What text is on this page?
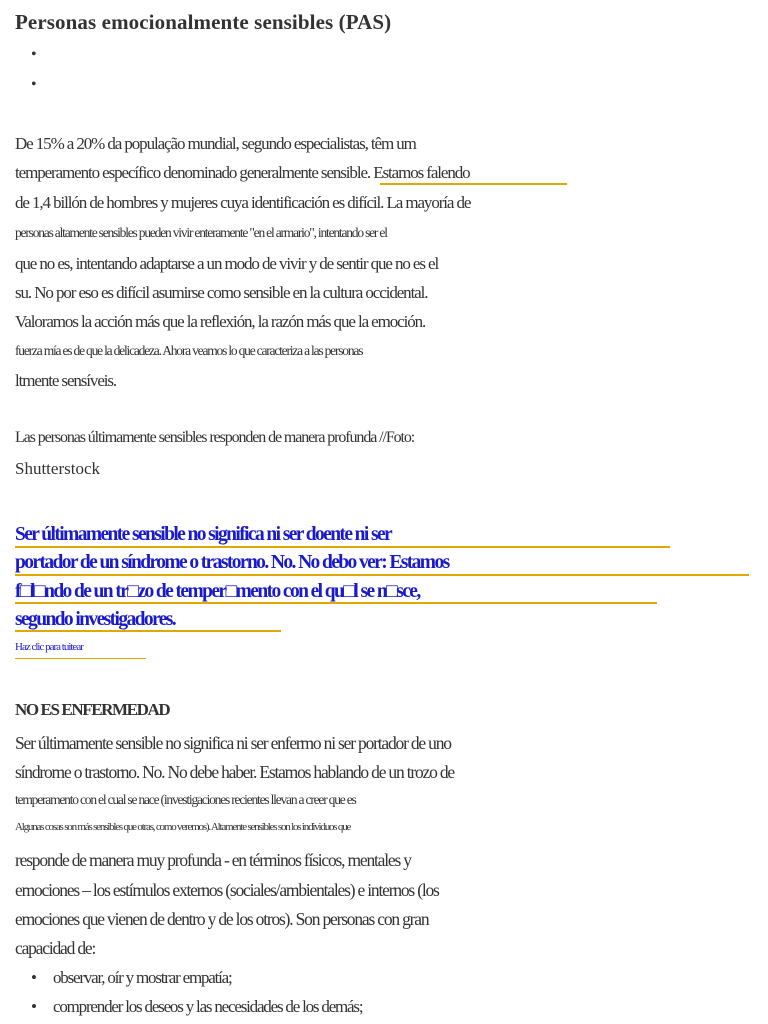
Personas emocionalmente sensibles (PAS)
•
•
De 15% a 20% da população mundial, segundo especialistas, têm um
temperamento específico denominado generalmente sensible. Estamos falendo
de 1,4 billón de hombres y mujeres cuya identificación es difícil. La mayoría de
personas altamente sensibles pueden vivir enteramente "en el armario", intentando ser el
que no es, intentando adaptarse a un modo de vivir y de sentir que no es el
su. No por eso es difícil asumirse como sensible en la cultura occidental.
Valoramos la acción más que la reflexión, la razón más que la emoción.
fuerza mía es de que la delicadeza. Ahora veamos lo que caracteriza a las personas
ltmente sensíveis.
Las personas últimamente sensibles responden de manera profunda //Foto:
Shutterstock
Ser últimamente sensible no significa ni ser doente ni ser
portador de un síndrome o trastorno. No. No debo ver: Estamos
f□l□ndo de un tr□zo de temper□mento con el qu□l se n□sce,
segundo investigadores.
Haz clic para tuitear
NO ES ENFERMEDAD
Ser últimamente sensible no significa ni ser enfermo ni ser portador de uno
síndrome o trastorno. No. No debe haber. Estamos hablando de un trozo de
temperamento con el cual se nace (investigaciones recientes llevan a creer que es
Algunas cosas son más sensibles que otras, como veremos). Altamente sensibles son los individuos que
responde de manera muy profunda - en términos físicos, mentales y
emociones – los estímulos externos (sociales/ambientales) e internos (los
emociones que vienen de dentro y de los otros). Son personas con gran
capacidad de:
• observar, oír y mostrar empatía;
• comprender los deseos y las necesidades de los demás;
